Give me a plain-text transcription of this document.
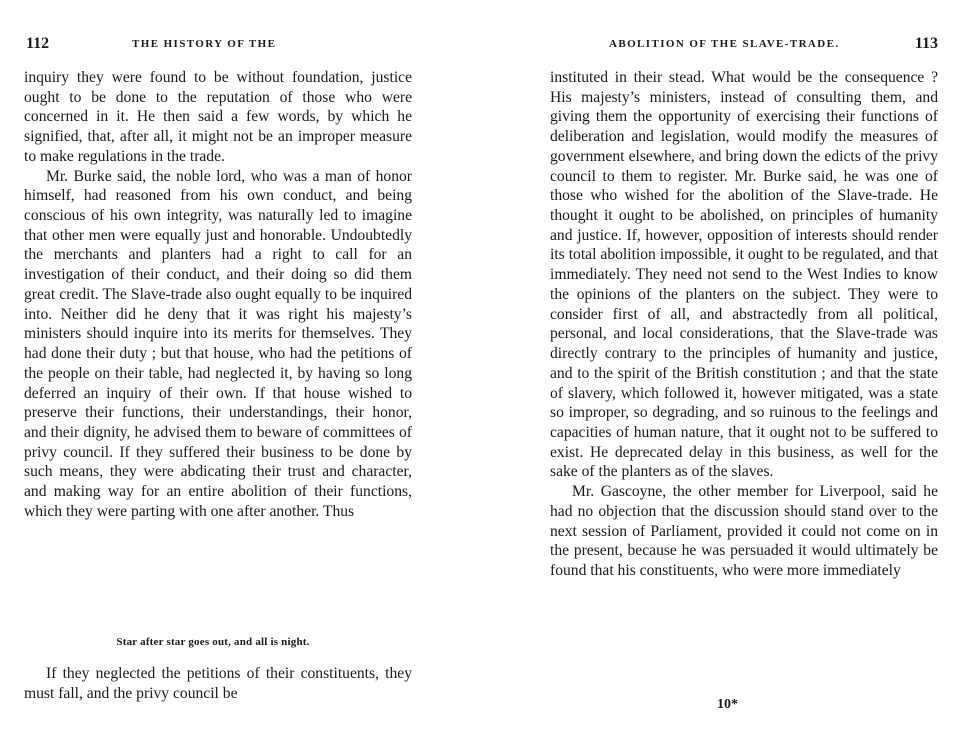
112	THE HISTORY OF THE

inquiry they were found to be without foundation, justice ought to be done to the reputation of those who were concerned in it. He then said a few words, by which he signified, that, after all, it might not be an improper measure to make regulations in the trade.

Mr. Burke said, the noble lord, who was a man of honor himself, had reasoned from his own conduct, and being conscious of his own integrity, was naturally led to imagine that other men were equally just and honorable. Undoubtedly the merchants and planters had a right to call for an investigation of their conduct, and their doing so did them great credit. The Slave-trade also ought equally to be inquired into. Neither did he deny that it was right his majesty’s ministers should inquire into its merits for themselves. They had done their duty ; but that house, who had the petitions of the people on their table, had neglected it, by having so long deferred an inquiry of their own. If that house wished to preserve their functions, their understandings, their honor, and their dignity, he advised them to beware of committees of privy council. If they suffered their business to be done by such means, they were abdicating their trust and character, and making way for an entire abolition of their functions, which they were parting with one after another. Thus

Star after star goes out, and all is night.

If they neglected the petitions of their constituents, they must fall, and the privy council be

ABOLITION OF THE SLAVE-TRADE.	113

instituted in their stead. What would be the consequence ? His majesty’s ministers, instead of consulting them, and giving them the opportunity of exercising their functions of deliberation and legislation, would modify the measures of government elsewhere, and bring down the edicts of the privy council to them to register. Mr. Burke said, he was one of those who wished for the abolition of the Slave-trade. He thought it ought to be abolished, on principles of humanity and justice. If, however, opposition of interests should render its total abolition impossible, it ought to be regulated, and that immediately. They need not send to the West Indies to know the opinions of the planters on the subject. They were to consider first of all, and abstractedly from all political, personal, and local considerations, that the Slave-trade was directly contrary to the principles of humanity and justice, and to the spirit of the British constitution ; and that the state of slavery, which followed it, however mitigated, was a state so improper, so degrading, and so ruinous to the feelings and capacities of human nature, that it ought not to be suffered to exist. He deprecated delay in this business, as well for the sake of the planters as of the slaves.

Mr. Gascoyne, the other member for Liverpool, said he had no objection that the discussion should stand over to the next session of Parliament, provided it could not come on in the present, because he was persuaded it would ultimately be found that his constituents, who were more immediately

10*
